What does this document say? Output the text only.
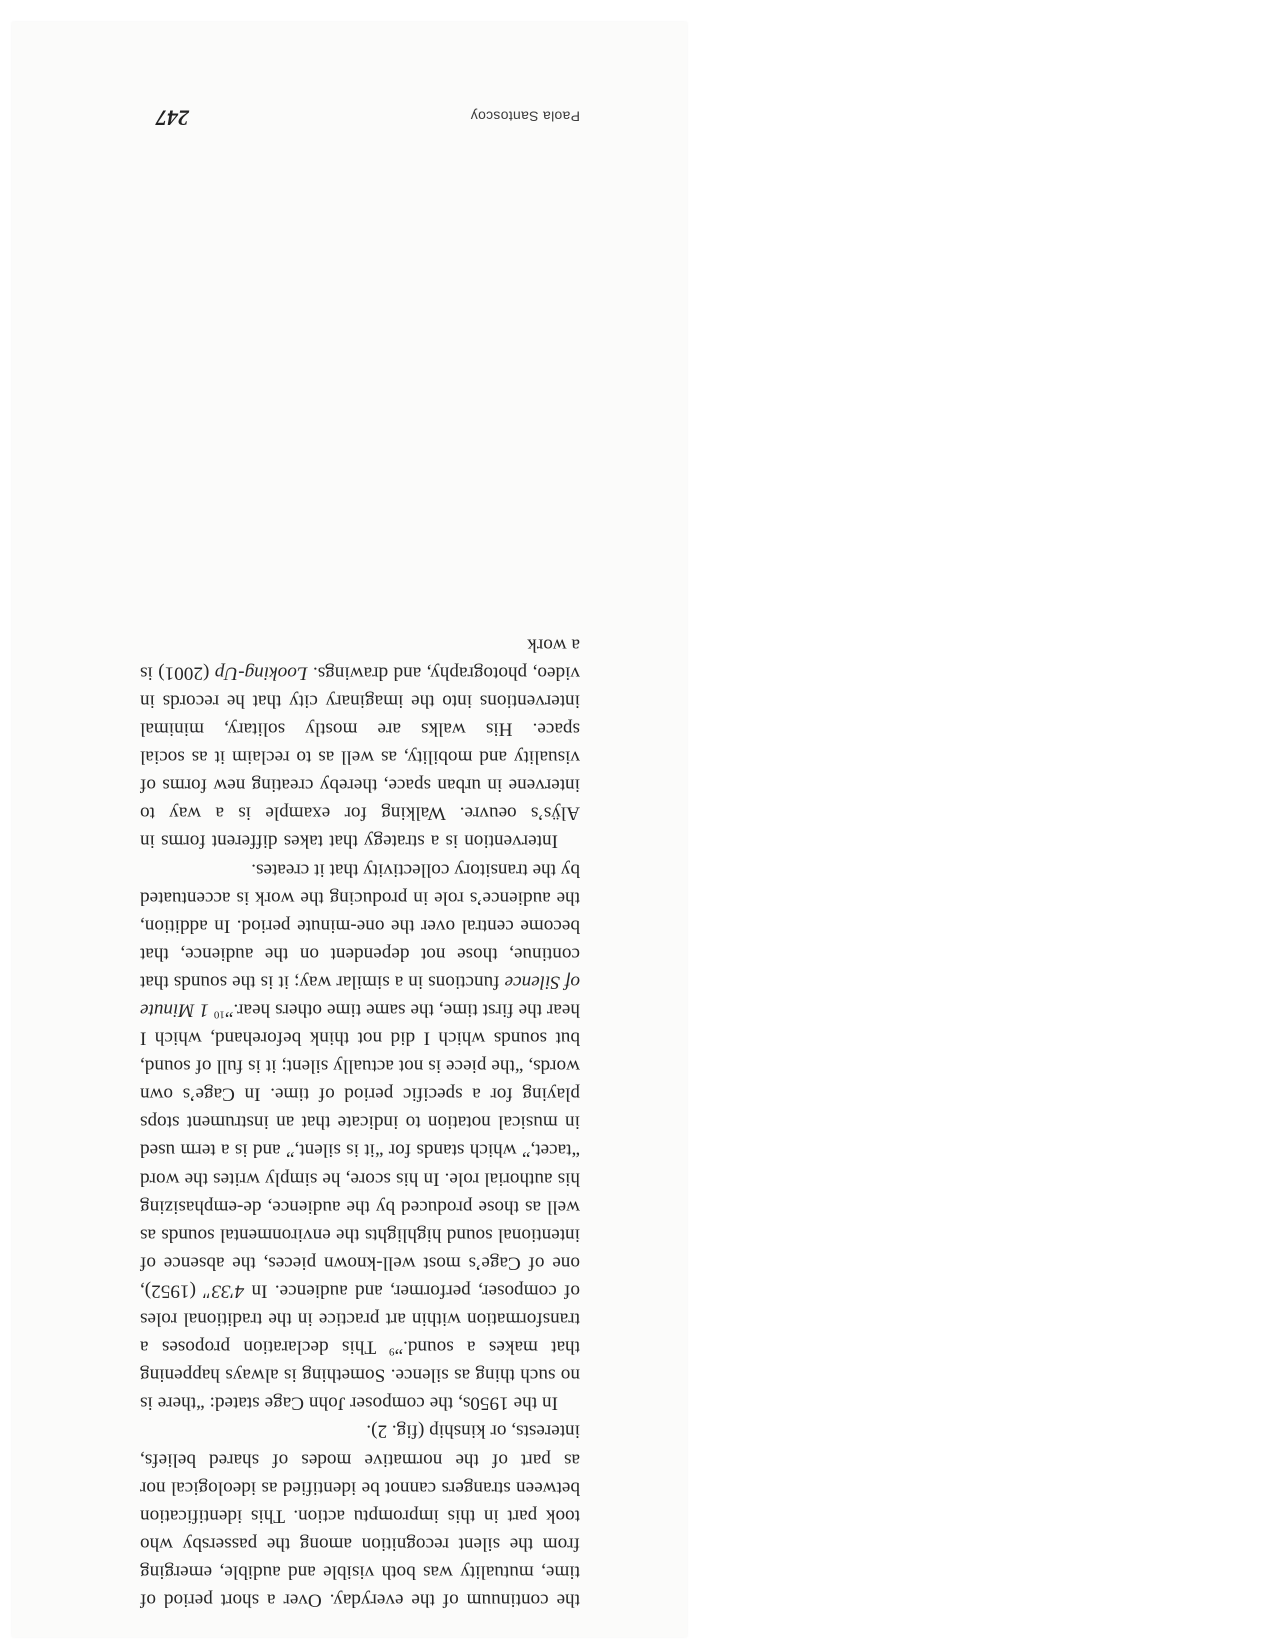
the continuum of the everyday. Over a short period of time, mutuality was both visible and audible, emerging from the silent recognition among the passersby who took part in this impromptu action. This identification between strangers cannot be identified as ideological nor as part of the normative modes of shared beliefs, interests, or kinship (fig. 2).

In the 1950s, the composer John Cage stated: “there is no such thing as silence. Something is always happening that makes a sound.”$^9$ This declaration proposes a transformation within art practice in the traditional roles of composer, performer, and audience. In 4′33″ (1952), one of Cage’s most well-known pieces, the absence of intentional sound highlights the environmental sounds as well as those produced by the audience, de-emphasizing his authorial role. In his score, he simply writes the word “tacet,” which stands for “it is silent,” and is a term used in musical notation to indicate that an instrument stops playing for a specific period of time. In Cage’s own words, “the piece is not actually silent; it is full of sound, but sounds which I did not think beforehand, which I hear the first time, the same time others hear.”$^{10}$ 1 Minute of Silence functions in a similar way; it is the sounds that continue, those not dependent on the audience, that become central over the one-minute period. In addition, the audience’s role in producing the work is accentuated by the transitory collectivity that it creates.

Intervention is a strategy that takes different forms in Alÿs’s oeuvre. Walking for example is a way to intervene in urban space, thereby creating new forms of visuality and mobility, as well as to reclaim it as social space. His walks are mostly solitary, minimal interventions into the imaginary city that he records in video, photography, and drawings. Looking-Up (2001) is a work

Paola Santoscoy
247
